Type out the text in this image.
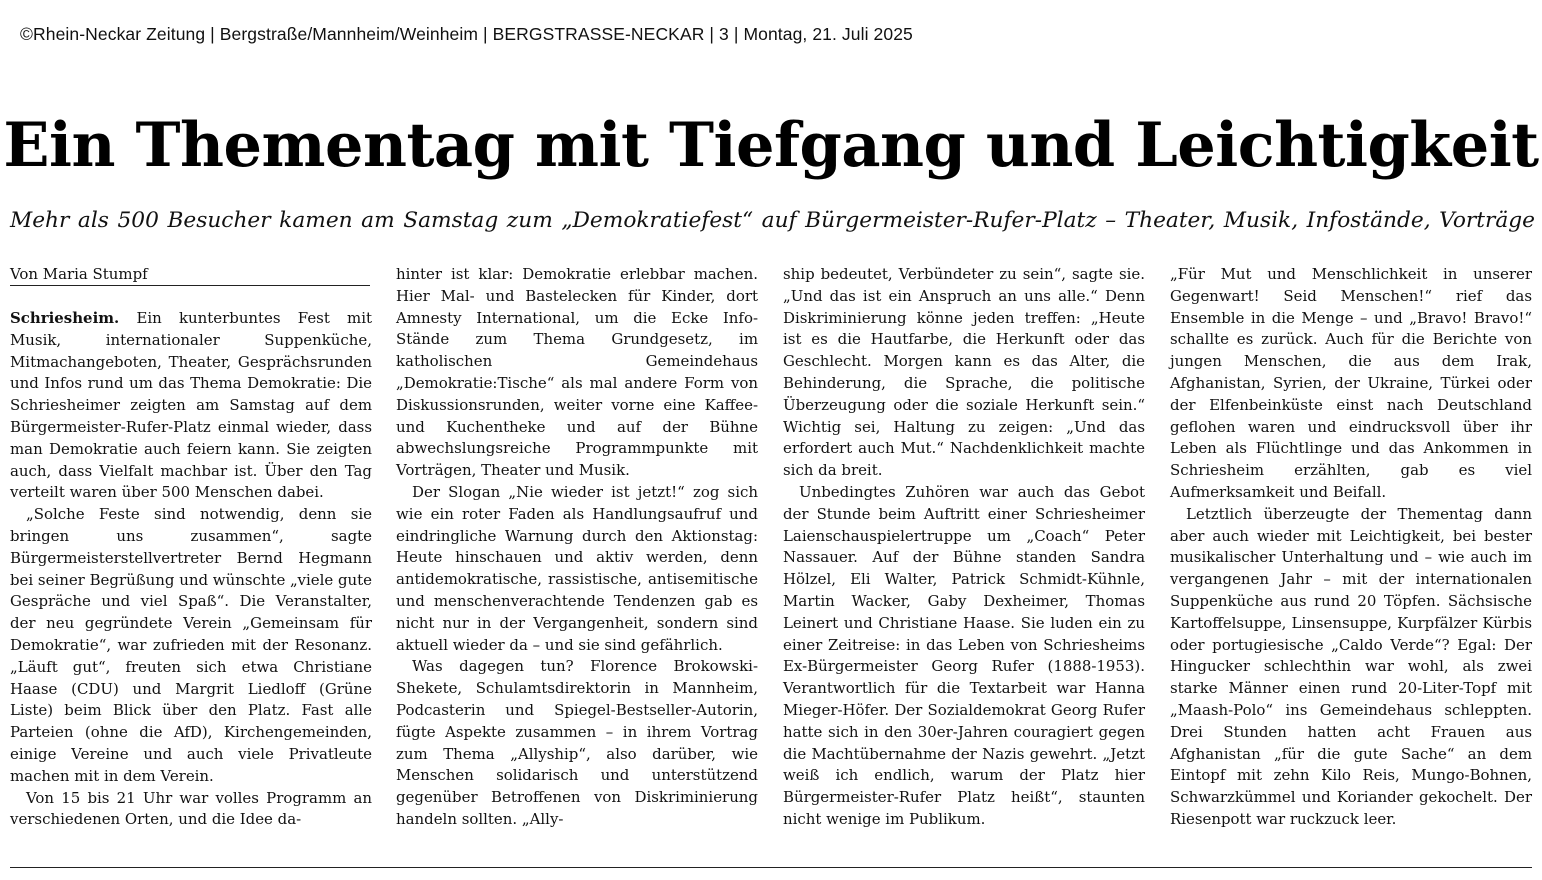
©Rhein-Neckar Zeitung | Bergstraße/Mannheim/Weinheim | BERGSTRASSE-NECKAR | 3 | Montag, 21. Juli 2025
Ein Thementag mit Tiefgang und Leichtigkeit
Mehr als 500 Besucher kamen am Samstag zum „Demokratiefest“ auf Bürgermeister-Rufer-Platz – Theater, Musik, Infostände, Vorträge
Von Maria Stumpf

Schriesheim. Ein kunterbuntes Fest mit Musik, internationaler Suppenküche, Mitmachangeboten, Theater, Gesprächsrunden und Infos rund um das Thema Demokratie: Die Schriesheimer zeigten am Samstag auf dem Bürgermeister-Rufer-Platz einmal wieder, dass man Demokratie auch feiern kann. Sie zeigten auch, dass Vielfalt machbar ist. Über den Tag verteilt waren über 500 Menschen dabei.

„Solche Feste sind notwendig, denn sie bringen uns zusammen“, sagte Bürgermeisterstellvertreter Bernd Hegmann bei seiner Begrüßung und wünschte „viele gute Gespräche und viel Spaß“. Die Veranstalter, der neu gegründete Verein „Gemeinsam für Demokratie“, war zufrieden mit der Resonanz. „Läuft gut“, freuten sich etwa Christiane Haase (CDU) und Margrit Liedloff (Grüne Liste) beim Blick über den Platz. Fast alle Parteien (ohne die AfD), Kirchengemeinden, einige Vereine und auch viele Privatleute machen mit in dem Verein.

Von 15 bis 21 Uhr war volles Programm an verschiedenen Orten, und die Idee da-

hinter ist klar: Demokratie erlebbar machen. Hier Mal- und Bastelecken für Kinder, dort Amnesty International, um die Ecke Info-Stände zum Thema Grundgesetz, im katholischen Gemeindehaus „Demokratie:Tische“ als mal andere Form von Diskussionsrunden, weiter vorne eine Kaffee- und Kuchentheke und auf der Bühne abwechslungsreiche Programmpunkte mit Vorträgen, Theater und Musik.

Der Slogan „Nie wieder ist jetzt!“ zog sich wie ein roter Faden als Handlungsaufruf und eindringliche Warnung durch den Aktionstag: Heute hinschauen und aktiv werden, denn antidemokratische, rassistische, antisemitische und menschenverachtende Tendenzen gab es nicht nur in der Vergangenheit, sondern sind aktuell wieder da – und sie sind gefährlich.

Was dagegen tun? Florence Brokowski-Shekete, Schulamtsdirektorin in Mannheim, Podcasterin und Spiegel-Bestseller-Autorin, fügte Aspekte zusammen – in ihrem Vortrag zum Thema „Allyship“, also darüber, wie Menschen solidarisch und unterstützend gegenüber Betroffenen von Diskriminierung handeln sollten. „Ally-

ship bedeutet, Verbündeter zu sein“, sagte sie. „Und das ist ein Anspruch an uns alle.“ Denn Diskriminierung könne jeden treffen: „Heute ist es die Hautfarbe, die Herkunft oder das Geschlecht. Morgen kann es das Alter, die Behinderung, die Sprache, die politische Überzeugung oder die soziale Herkunft sein.“ Wichtig sei, Haltung zu zeigen: „Und das erfordert auch Mut.“ Nachdenklichkeit machte sich da breit.

Unbedingtes Zuhören war auch das Gebot der Stunde beim Auftritt einer Schriesheimer Laienschauspielertruppe um „Coach“ Peter Nassauer. Auf der Bühne standen Sandra Hölzel, Eli Walter, Patrick Schmidt-Kühnle, Martin Wacker, Gaby Dexheimer, Thomas Leinert und Christiane Haase. Sie luden ein zu einer Zeitreise: in das Leben von Schriesheims Ex-Bürgermeister Georg Rufer (1888-1953). Verantwortlich für die Textarbeit war Hanna Mieger-Höfer. Der Sozialdemokrat Georg Rufer hatte sich in den 30er-Jahren couragiert gegen die Machtübernahme der Nazis gewehrt. „Jetzt weiß ich endlich, warum der Platz hier Bürgermeister-Rufer Platz heißt“, staunten nicht wenige im Publikum.

„Für Mut und Menschlichkeit in unserer Gegenwart! Seid Menschen!“ rief das Ensemble in die Menge – und „Bravo! Bravo!“ schallte es zurück. Auch für die Berichte von jungen Menschen, die aus dem Irak, Afghanistan, Syrien, der Ukraine, Türkei oder der Elfenbeinküste einst nach Deutschland geflohen waren und eindrucksvoll über ihr Leben als Flüchtlinge und das Ankommen in Schriesheim erzählten, gab es viel Aufmerksamkeit und Beifall.

Letztlich überzeugte der Thementag dann aber auch wieder mit Leichtigkeit, bei bester musikalischer Unterhaltung und – wie auch im vergangenen Jahr – mit der internationalen Suppenküche aus rund 20 Töpfen. Sächsische Kartoffelsuppe, Linsensuppe, Kurpfälzer Kürbis oder portugiesische „Caldo Verde“? Egal: Der Hingucker schlechthin war wohl, als zwei starke Männer einen rund 20-Liter-Topf mit „Maash-Polo“ ins Gemeindehaus schleppten. Drei Stunden hatten acht Frauen aus Afghanistan „für die gute Sache“ an dem Eintopf mit zehn Kilo Reis, Mungo-Bohnen, Schwarzkümmel und Koriander gekochelt. Der Riesenpott war ruckzuck leer.
